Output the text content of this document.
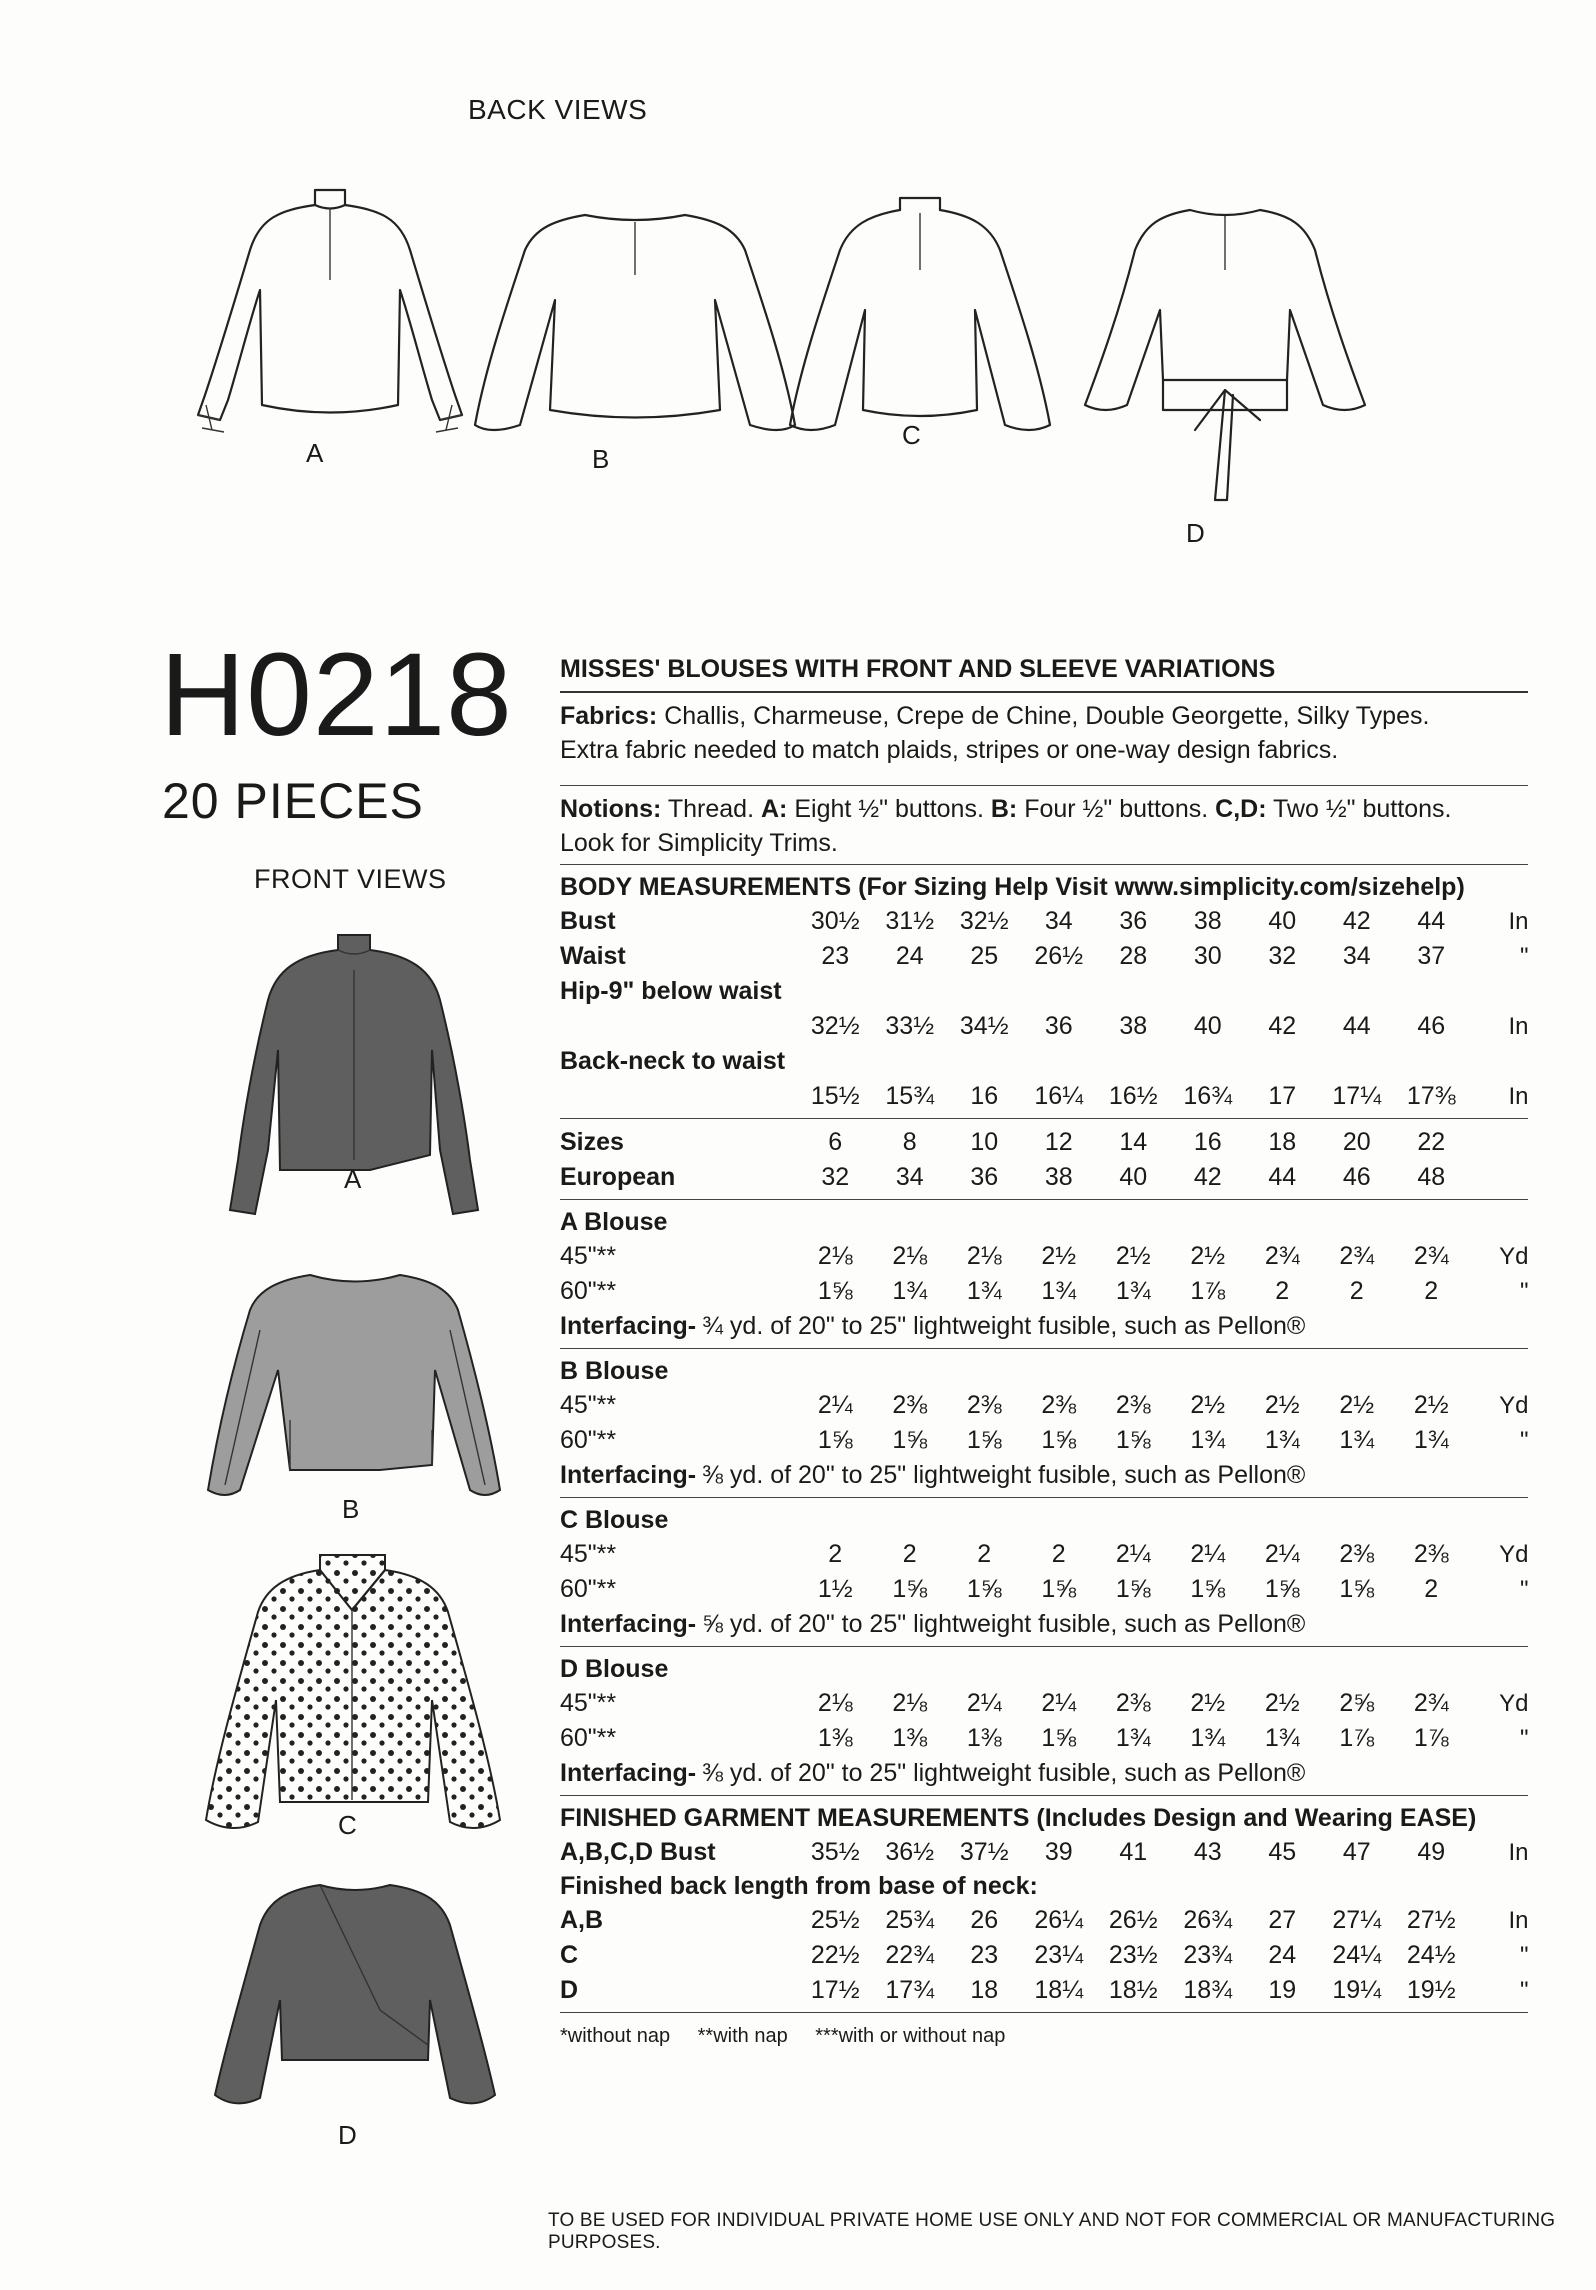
BACK VIEWS
A	B
C
D
H0218
20 PIECES
FRONT VIEWS
A
B
C
D
MISSES' BLOUSES WITH FRONT AND SLEEVE VARIATIONS

Fabrics: Challis, Charmeuse, Crepe de Chine, Double Georgette, Silky Types.

Extra fabric needed to match plaids, stripes or one-way design fabrics.

Notions: Thread. A: Eight ½" buttons. B: Four ½" buttons. C,D: Two ½" buttons.

Look for Simplicity Trims.

BODY MEASUREMENTS (For Sizing Help Visit www.simplicity.com/sizehelp)
Bust	30½	31½	32½	34	36	38	40	42	44	In
Waist	23	24	25	26½	28	30	32	34	37	"
Hip-9" below waist
32½	33½	34½	36	38	40	42	44	46	In
Back-neck to waist
15½	15¾	16	16¼	16½	16¾	17	17¼	17⅜	In
Sizes	6	8	10	12	14	16	18	20	22
European	32	34	36	38	40	42	44	46	48
A Blouse
45"**	2⅛	2⅛	2⅛	2½	2½	2½	2¾	2¾	2¾	Yd
60"**	1⅝	1¾	1¾	1¾	1¾	1⅞	2	2	2	"
Interfacing- ¾ yd. of 20" to 25" lightweight fusible, such as Pellon®
B Blouse
45"**	2¼	2⅜	2⅜	2⅜	2⅜	2½	2½	2½	2½	Yd
60"**	1⅝	1⅝	1⅝	1⅝	1⅝	1¾	1¾	1¾	1¾	"
Interfacing- ⅜ yd. of 20" to 25" lightweight fusible, such as Pellon®
C Blouse
45"**	2	2	2	2	2¼	2¼	2¼	2⅜	2⅜	Yd
60"**	1½	1⅝	1⅝	1⅝	1⅝	1⅝	1⅝	1⅝	2	"
Interfacing- ⅝ yd. of 20" to 25" lightweight fusible, such as Pellon®
D Blouse
45"**	2⅛	2⅛	2¼	2¼	2⅜	2½	2½	2⅝	2¾	Yd
60"**	1⅜	1⅜	1⅜	1⅝	1¾	1¾	1¾	1⅞	1⅞	"
Interfacing- ⅜ yd. of 20" to 25" lightweight fusible, such as Pellon®
FINISHED GARMENT MEASUREMENTS (Includes Design and Wearing EASE)
A,B,C,D Bust	35½	36½	37½	39	41	43	45	47	49	In
Finished back length from base of neck:
A,B	25½	25¾	26	26¼	26½	26¾	27	27¼	27½	In
C	22½	22¾	23	23¼	23½	23¾	24	24¼	24½	"
D	17½	17¾	18	18¼	18½	18¾	19	19¼	19½	"
*without nap **with nap ***with or without nap
TO BE USED FOR INDIVIDUAL PRIVATE HOME USE ONLY AND NOT FOR COMMERCIAL OR MANUFACTURING PURPOSES.
